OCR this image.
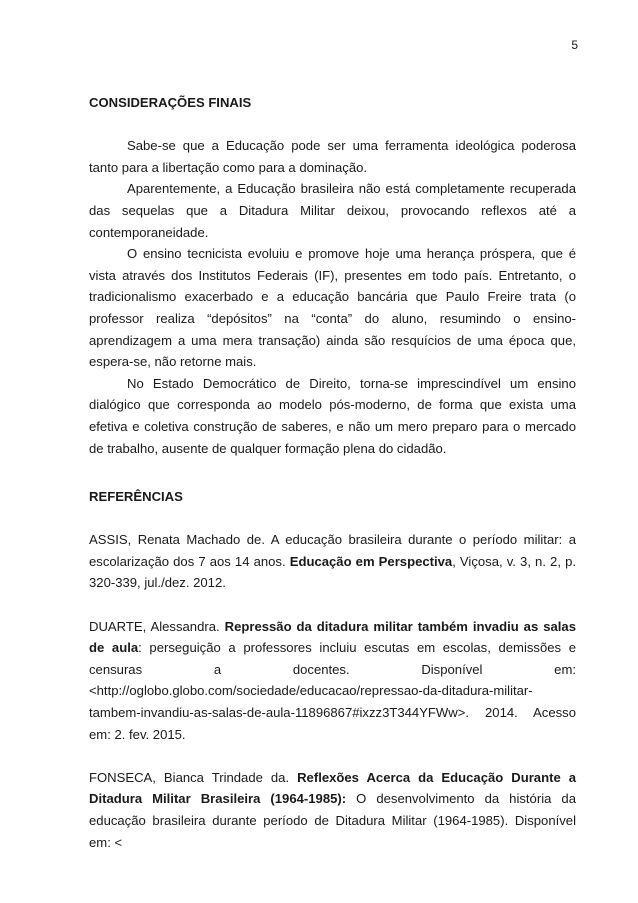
5
CONSIDERAÇÕES FINAIS

Sabe-se que a Educação pode ser uma ferramenta ideológica poderosa tanto para a libertação como para a dominação.

Aparentemente, a Educação brasileira não está completamente recuperada das sequelas que a Ditadura Militar deixou, provocando reflexos até a contemporaneidade.

O ensino tecnicista evoluiu e promove hoje uma herança próspera, que é vista através dos Institutos Federais (IF), presentes em todo país. Entretanto, o tradicionalismo exacerbado e a educação bancária que Paulo Freire trata (o professor realiza “depósitos” na “conta” do aluno, resumindo o ensino-aprendizagem a uma mera transação) ainda são resquícios de uma época que, espera-se, não retorne mais.

No Estado Democrático de Direito, torna-se imprescindível um ensino dialógico que corresponda ao modelo pós-moderno, de forma que exista uma efetiva e coletiva construção de saberes, e não um mero preparo para o mercado de trabalho, ausente de qualquer formação plena do cidadão.

REFERÊNCIAS

ASSIS, Renata Machado de. A educação brasileira durante o período militar: a escolarização dos 7 aos 14 anos. Educação em Perspectiva, Viçosa, v. 3, n. 2, p. 320-339, jul./dez. 2012.

DUARTE, Alessandra. Repressão da ditadura militar também invadiu as salas de aula: perseguição a professores incluiu escutas em escolas, demissões e censuras a docentes. Disponível em: <http://oglobo.globo.com/sociedade/educacao/repressao-da-ditadura-militar-tambem-invandiu-as-salas-de-aula-11896867#ixzz3T344YFWw>. 2014. Acesso em: 2. fev. 2015.

FONSECA, Bianca Trindade da. Reflexões Acerca da Educação Durante a Ditadura Militar Brasileira (1964-1985): O desenvolvimento da história da educação brasileira durante período de Ditadura Militar (1964-1985). Disponível em: <
